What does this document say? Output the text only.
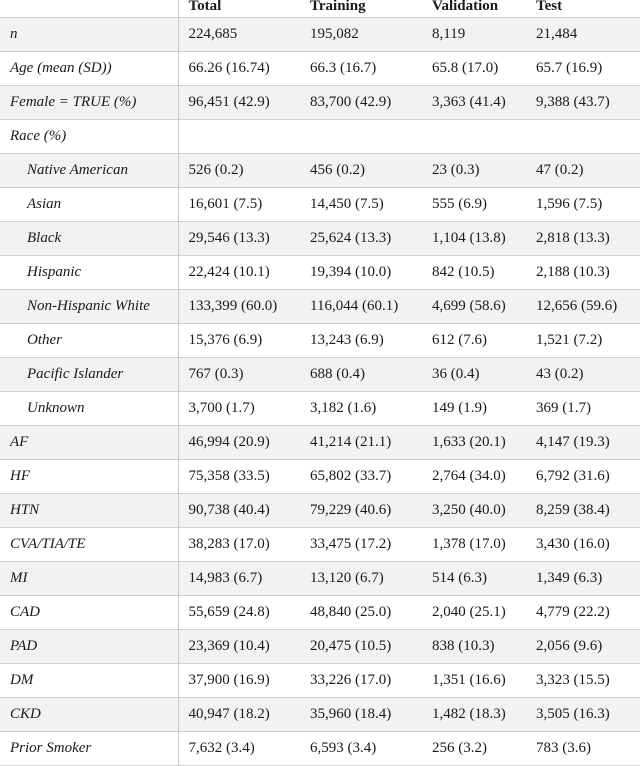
	Total	Training	Validation	Test
n	224,685	195,082	8,119	21,484
Age (mean (SD))	66.26 (16.74)	66.3 (16.7)	65.8 (17.0)	65.7 (16.9)
Female = TRUE (%)	96,451 (42.9)	83,700 (42.9)	3,363 (41.4)	9,388 (43.7)
Race (%)				
Native American	526 (0.2)	456 (0.2)	23 (0.3)	47 (0.2)
Asian	16,601 (7.5)	14,450 (7.5)	555 (6.9)	1,596 (7.5)
Black	29,546 (13.3)	25,624 (13.3)	1,104 (13.8)	2,818 (13.3)
Hispanic	22,424 (10.1)	19,394 (10.0)	842 (10.5)	2,188 (10.3)
Non-Hispanic White	133,399 (60.0)	116,044 (60.1)	4,699 (58.6)	12,656 (59.6)
Other	15,376 (6.9)	13,243 (6.9)	612 (7.6)	1,521 (7.2)
Pacific Islander	767 (0.3)	688 (0.4)	36 (0.4)	43 (0.2)
Unknown	3,700 (1.7)	3,182 (1.6)	149 (1.9)	369 (1.7)
AF	46,994 (20.9)	41,214 (21.1)	1,633 (20.1)	4,147 (19.3)
HF	75,358 (33.5)	65,802 (33.7)	2,764 (34.0)	6,792 (31.6)
HTN	90,738 (40.4)	79,229 (40.6)	3,250 (40.0)	8,259 (38.4)
CVA/TIA/TE	38,283 (17.0)	33,475 (17.2)	1,378 (17.0)	3,430 (16.0)
MI	14,983 (6.7)	13,120 (6.7)	514 (6.3)	1,349 (6.3)
CAD	55,659 (24.8)	48,840 (25.0)	2,040 (25.1)	4,779 (22.2)
PAD	23,369 (10.4)	20,475 (10.5)	838 (10.3)	2,056 (9.6)
DM	37,900 (16.9)	33,226 (17.0)	1,351 (16.6)	3,323 (15.5)
CKD	40,947 (18.2)	35,960 (18.4)	1,482 (18.3)	3,505 (16.3)
Prior Smoker	7,632 (3.4)	6,593 (3.4)	256 (3.2)	783 (3.6)
